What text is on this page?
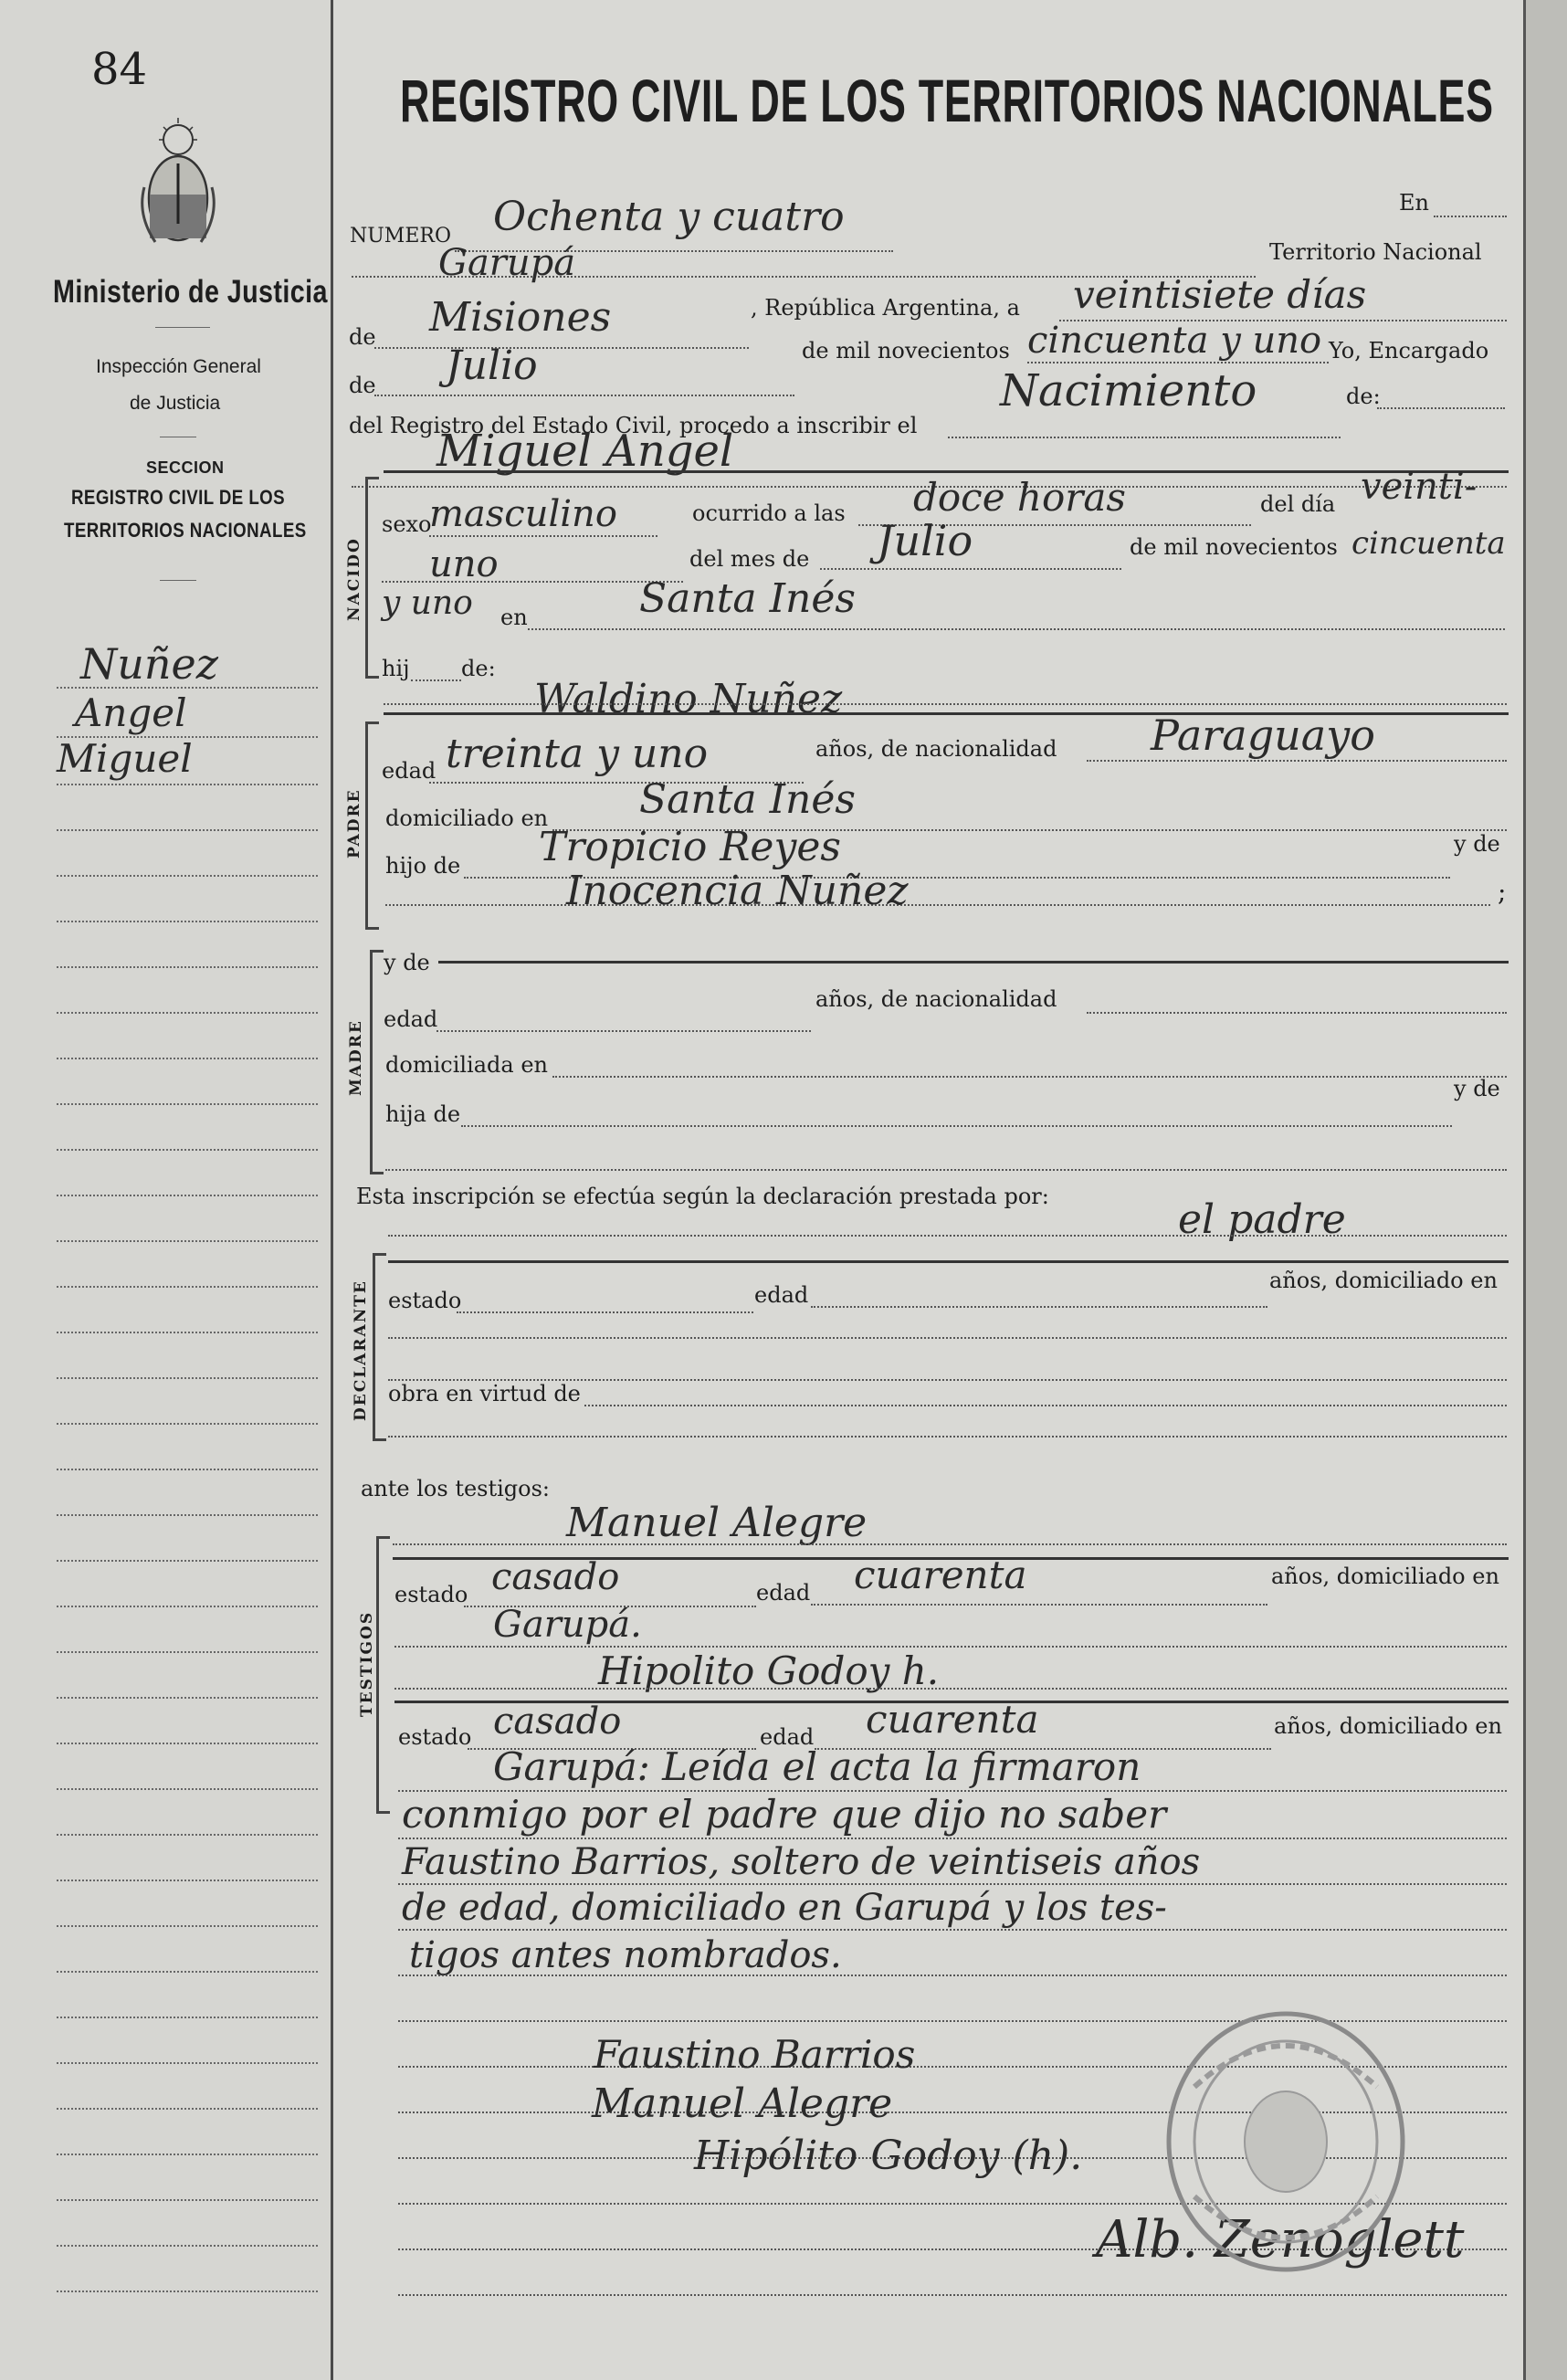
84
Ministerio de Justicia
Inspección General
de Justicia
SECCION
REGISTRO CIVIL DE LOS
TERRITORIOS NACIONALES
Nuñez
Angel
Miguel
REGISTRO CIVIL DE LOS TERRITORIOS NACIONALES
NUMERO Ochenta y cuatro	En
Garupá	Territorio Nacional
de Misiones	, República Argentina, a veintisiete días
de Julio	de mil novecientos cincuenta y uno Yo, Encargado
del Registro del Estado Civil, procedo a inscribir el
Nacimiento	de:
Miguel Angel
NACIDO
sexo
masculino	ocurrido a las doce horas	del día veinti-
uno	del mes de Julio	de mil novecientos cincuenta
y uno en	Santa Inés
hij de:
Waldino Nuñez
PADRE
edad treinta y uno	años, de nacionalidad Paraguayo
domiciliado en Santa Inés
hijo de Tropicio Reyes	y de
Inocencia Nuñez	;
y de
MADRE
edad
años, de nacionalidad
domiciliada en
hija de
y de
Esta inscripción se efectúa según la declaración prestada por:	el padre
DECLARANTE estado	edad
años, domiciliado en
obra en virtud de
ante los testigos:
Manuel Alegre
TESTIGOS
estado casado	edad cuarenta	años, domiciliado en
Garupá.
Hipolito Godoy h.
estado casado	edad cuarenta	años, domiciliado en
Garupá: Leída el acta la firmaron
conmigo por el padre que dijo no saber
Faustino Barrios, soltero de veintiseis años
de edad, domiciliado en Garupá y los tes-
tigos antes nombrados.
Faustino Barrios
Manuel Alegre
Hipólito Godoy (h).
Alb. Zenoglett
